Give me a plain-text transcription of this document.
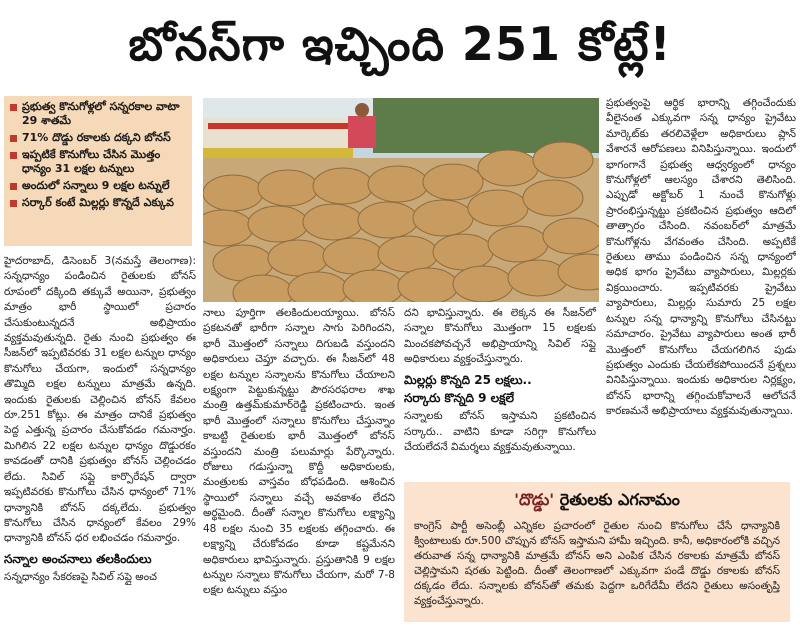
బోనస్‌గా ఇచ్చింది 251 కోట్లే!
ప్రభుత్వ కొనుగోళ్లలో సన్నరకాల వాటా 29 శాతమే
71% దొడ్డు రకాలకు దక్కని బోనస్
ఇప్పటికే కొనుగోలు చేసిన మొత్తం ధాన్యం 31 లక్షల టన్నులు
అందులో సన్నాలు 9 లక్షల టన్నులే
సర్కార్ కంటే మిల్లర్లు కొన్నదే ఎక్కువ

హైదరాబాద్, డిసెంబర్ 3(నమస్తే తెలంగాణ): సన్నధాన్యం పండించిన రైతులకు బోనస్ రూపంలో దక్కింది తక్కువే అయినా, ప్రభుత్వం మాత్రం భారీ స్థాయిలో ప్రచారం చేసుకుంటున్నదనే అభిప్రాయం వ్యక్తమవుతున్నది. రైతు నుంచి ప్రభుత్వం ఈ సీజన్‌లో ఇప్పటివరకు 31 లక్షల టన్నుల ధాన్యం కొనుగోలు చేయగా, ఇందులో సన్నధాన్యం తొమ్మిది లక్షల టన్నులు మాత్రమే ఉన్నది. ఇందుకు రైతులకు చెల్లించిన బోనస్ కేవలం రూ.251 కోట్లు. ఈ మాత్రం దానికే ప్రభుత్వం పెద్ద ఎత్తున్న ప్రచారం చేసుకోవడం గమనార్హం. మిగిలిన 22 లక్షల టన్నుల ధాన్యం దొడ్డురకం కావడంతో దానికి ప్రభుత్వం బోనస్ చెల్లించడం లేదు. సివిల్ సప్లై కార్పొరేషన్ ద్వారా ఇప్పటివరకు కొనుగోలు చేసిన ధాన్యంలో 71% ధాన్యానికి బోనస్ దక్కలేదు. ప్రభుత్వం కొనుగోలు చేసిన ధాన్యంలో కేవలం 29% ధాన్యానికి బోనస్ ధర లభించడం గమనార్హం.

సన్నాల అంచనాలు తలకిందులు

సన్నధాన్యం సేకరణపై సివిల్ సప్లై అంచ

నాలు పూర్తిగా తలకిందులయ్యాయి. బోనస్ ప్రకటనతో భారీగా సన్నాల సాగు పెరిగిందని, భారీ మొత్తంలో సన్నాలు దిగుబడి వస్తుందని అధికారులు చెప్తూ వచ్చారు. ఈ సీజన్‌లో 48 లక్షల టన్నుల సన్నాలను కొనుగోలు చేయాలని లక్ష్యంగా పెట్టుకున్నట్టు పౌరసరఫరాల శాఖ మంత్రి ఉత్తమ్‌కుమార్‌రెడ్డి ప్రకటించారు. ఇంత భారీ మొత్తంలో సన్నాలు కొనుగోలు చేస్తున్నాం కాబట్టి రైతులకు భారీ మొత్తంలో బోనస్ వస్తుందని మంత్రి పలుమార్లు పేర్కొన్నారు. రోజులు గడుస్తున్నా కొద్దీ అధికారులకు, మంత్రులకు వాస్తవం బోధపడింది. ఆశించిన స్థాయిలో సన్నాలు వచ్చే అవకాశం లేదని అర్థమైంది. దీంతో సన్నాల కొనుగోలు లక్ష్యాన్ని 48 లక్షల నుంచి 35 లక్షలకు తగ్గించారు. ఈ లక్ష్యాన్ని చేరుకోవడం కూడా కష్టమేనని అధికారులు భావిస్తున్నారు. ప్రస్తుతానికి 9 లక్షల టన్నుల సన్నాలు కొనుగోలు చేయగా, మరో 7-8 లక్షల టన్నులు వస్తుం

దని భావిస్తున్నారు. ఈ లెక్కన ఈ సీజన్‌లో సన్నాల కొనుగోలు మొత్తంగా 15 లక్షలకు మించకపోవచ్చనే అభిప్రాయాన్ని సివిల్ సప్లై అధికారులు వ్యక్తంచేస్తున్నారు.

మిల్లర్లు కొన్నది 25 లక్షలు..
సర్కారు కొన్నది 9 లక్షలే

సన్నాలకు బోనస్ ఇస్తామని ప్రకటించిన సర్కారు.. వాటిని కూడా సరిగ్గా కొనుగోలు చేయలేదనే విమర్శలు వ్యక్తమవుతున్నాయి.

ప్రభుత్వంపై ఆర్థిక భారాన్ని తగ్గించేందుకు వీలైనంత ఎక్కువగా సన్న ధాన్యం ప్రైవేటు మార్కెట్‌కు తరలివెళ్లేలా అధికారులు ప్లాన్ వేశారనే ఆరోపణలు వినిపిస్తున్నాయి. ఇందులో భాగంగానే ప్రభుత్వ ఆధ్వర్యంలో ధాన్యం కొనుగోళ్లలో ఆలస్యం చేశారని తెలిసింది. ఎప్పుడో అక్టోబర్ 1 నుంచే కొనుగోళ్లు ప్రారంభిస్తున్నట్టు ప్రకటించిన ప్రభుత్వం ఆదిలో తాత్సారం చేసింది. నవంబర్‌లో మాత్రమే కొనుగోళ్లను వేగవంతం చేసింది. అప్పటికే రైతులు తాము పండించిన సన్న ధాన్యంలో అధిక భాగం ప్రైవేటు వ్యాపారులు, మిల్లర్లకు విక్రయించారు. ఇప్పటివరకు ప్రైవేటు వ్యాపారులు, మిల్లర్లు సుమారు 25 లక్షల టన్నుల సన్న ధాన్యాన్ని కొనుగోలు చేసినట్టు సమాచారం. ప్రైవేటు వ్యాపారులు అంత భారీ మొత్తంలో కొనుగోలు చేయగలిగిన పుడు ప్రభుత్వం ఎందుకు చేయలేకపోయిందనే ప్రశ్నలు వినిపిస్తున్నాయి. ఇందుకు అధికారుల నిర్లక్ష్యం, బోనస్ భారాన్ని తగ్గించుకోవాలనే ఆలోచనే కారణమనే అభిప్రాయాలు వ్యక్తమవుతున్నాయి.

'దొడ్డు' రైతులకు ఎగనామం
కాంగ్రెస్ పార్టీ అసెంబ్లీ ఎన్నికల ప్రచారంలో రైతుల నుంచి కొనుగోలు చేసే ధాన్యానికి క్వింటాలుకు రూ.500 చొప్పున బోనస్ ఇస్తామని హామీ ఇచ్చింది. కానీ, అధికారంలోకి వచ్చిన తరువాత సన్న ధాన్యానికి మాత్రమే బోనస్ అని ఎంపిక చేసిన రకాలకు మాత్రమే బోనస్ చెల్లిస్తామని షరతు పెట్టింది. దీంతో తెలంగాణలో ఎక్కువగా పండే దొడ్డు రకాలకు బోనస్ దక్కడం లేదు. సన్నాలకు బోనస్‌తో తమకు పెద్దగా ఒరిగేదేమీ లేదని రైతులు అసంతృప్తి వ్యక్తంచేస్తున్నారు.
